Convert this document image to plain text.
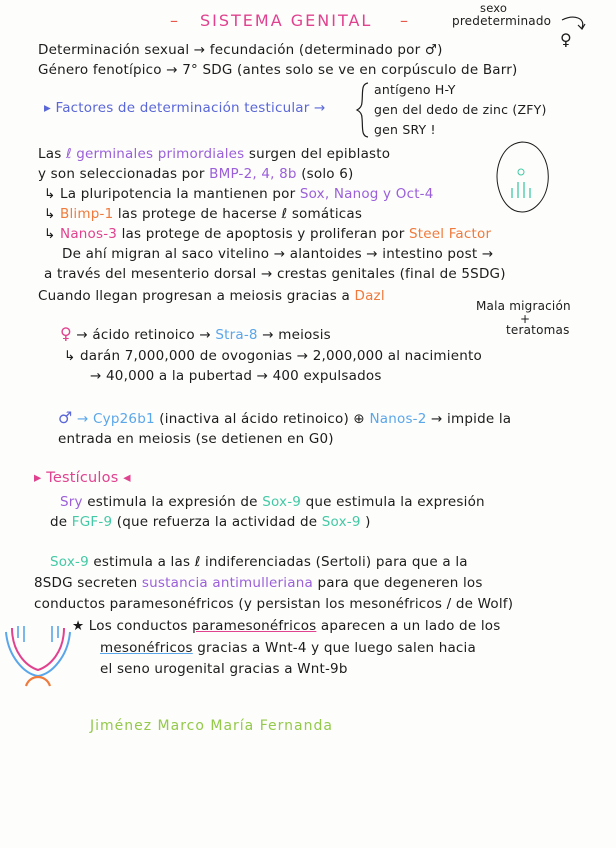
– SISTEMA GENITAL –
sexo
predeterminado
♀
Determinación sexual → fecundación (determinado por ♂)
Género fenotípico → 7° SDG (antes solo se ve en corpúsculo de Barr)
▸ Factores de determinación testicular →
antígeno H-Y
gen del dedo de zinc (ZFY)
gen SRY !
Las ℓ germinales primordiales surgen del epiblasto
y son seleccionadas por BMP-2, 4, 8b (solo 6)
↳ La pluripotencia la mantienen por Sox, Nanog y Oct-4
↳ Blimp-1 las protege de hacerse ℓ somáticas
↳ Nanos-3 las protege de apoptosis y proliferan por Steel Factor
De ahí migran al saco vitelino → alantoides → intestino post →
a través del mesenterio dorsal → crestas genitales (final de 5SDG)
Cuando llegan progresan a meiosis gracias a Dazl
Mala migración
+
teratomas
♀ → ácido retinoico → Stra-8 → meiosis
↳ darán 7,000,000 de ovogonias → 2,000,000 al nacimiento
→ 40,000 a la pubertad → 400 expulsados
♂ → Cyp26b1 (inactiva al ácido retinoico) ⊕ Nanos-2 → impide la
entrada en meiosis (se detienen en G0)
▸ Testículos ◂
Sry estimula la expresión de Sox-9 que estimula la expresión
de FGF-9 (que refuerza la actividad de Sox-9 )
Sox-9 estimula a las ℓ indiferenciadas (Sertoli) para que a la
8SDG secreten sustancia antimulleriana para que degeneren los
conductos paramesonéfricos (y persistan los mesonéfricos / de Wolf)
★ Los conductos paramesonéfricos aparecen a un lado de los
mesonéfricos gracias a Wnt-4 y que luego salen hacia
el seno urogenital gracias a Wnt-9b
Jiménez Marco María Fernanda
